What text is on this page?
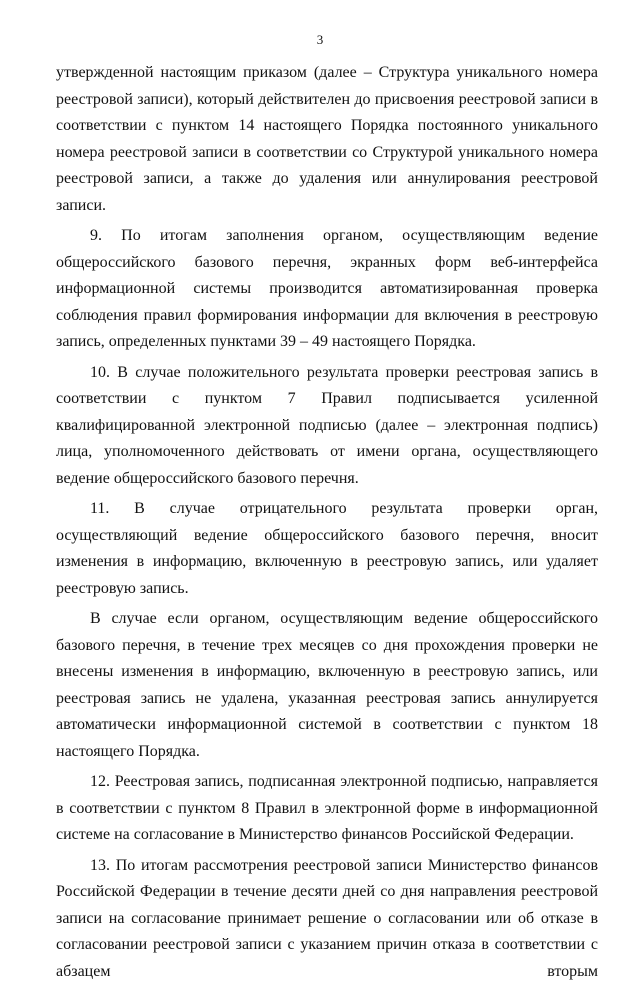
3

утвержденной настоящим приказом (далее – Структура уникального номера реестровой записи), который действителен до присвоения реестровой записи в соответствии с пунктом 14 настоящего Порядка постоянного уникального номера реестровой записи в соответствии со Структурой уникального номера реестровой записи, а также до удаления или аннулирования реестровой записи.

9. По итогам заполнения органом, осуществляющим ведение общероссийского базового перечня, экранных форм веб-интерфейса информационной системы производится автоматизированная проверка соблюдения правил формирования информации для включения в реестровую запись, определенных пунктами 39 – 49 настоящего Порядка.

10. В случае положительного результата проверки реестровая запись в соответствии с пунктом 7 Правил подписывается усиленной квалифицированной электронной подписью (далее – электронная подпись) лица, уполномоченного действовать от имени органа, осуществляющего ведение общероссийского базового перечня.

11. В случае отрицательного результата проверки орган, осуществляющий ведение общероссийского базового перечня, вносит изменения в информацию, включенную в реестровую запись, или удаляет реестровую запись.

В случае если органом, осуществляющим ведение общероссийского базового перечня, в течение трех месяцев со дня прохождения проверки не внесены изменения в информацию, включенную в реестровую запись, или реестровая запись не удалена, указанная реестровая запись аннулируется автоматически информационной системой в соответствии с пунктом 18 настоящего Порядка.

12. Реестровая запись, подписанная электронной подписью, направляется в соответствии с пунктом 8 Правил в электронной форме в информационной системе на согласование в Министерство финансов Российской Федерации.

13. По итогам рассмотрения реестровой записи Министерство финансов Российской Федерации в течение десяти дней со дня направления реестровой записи на согласование принимает решение о согласовании или об отказе в согласовании реестровой записи с указанием причин отказа в соответствии с абзацем вторым
